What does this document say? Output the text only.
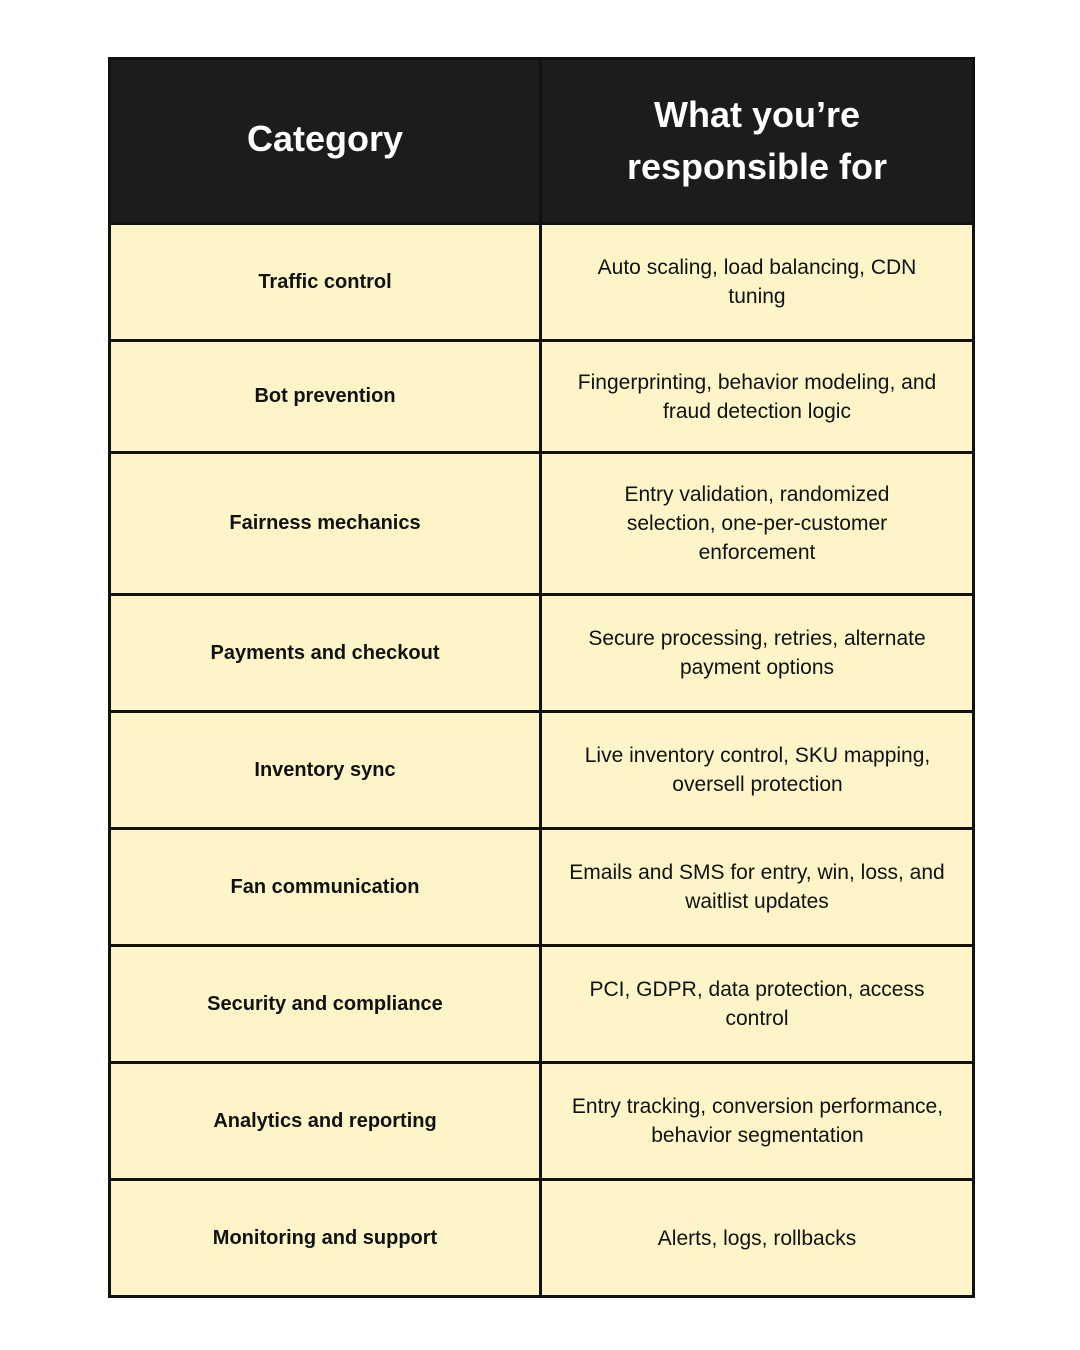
Category	What you’re responsible for

Traffic control	Auto scaling, load balancing, CDN tuning

Bot prevention	Fingerprinting, behavior modeling, and fraud detection logic

Fairness mechanics	Entry validation, randomized selection, one-per-customer enforcement

Payments and checkout	Secure processing, retries, alternate payment options

Inventory sync	Live inventory control, SKU mapping, oversell protection

Fan communication	Emails and SMS for entry, win, loss, and waitlist updates

Security and compliance	PCI, GDPR, data protection, access control

Analytics and reporting	Entry tracking, conversion performance, behavior segmentation

Monitoring and support	Alerts, logs, rollbacks
